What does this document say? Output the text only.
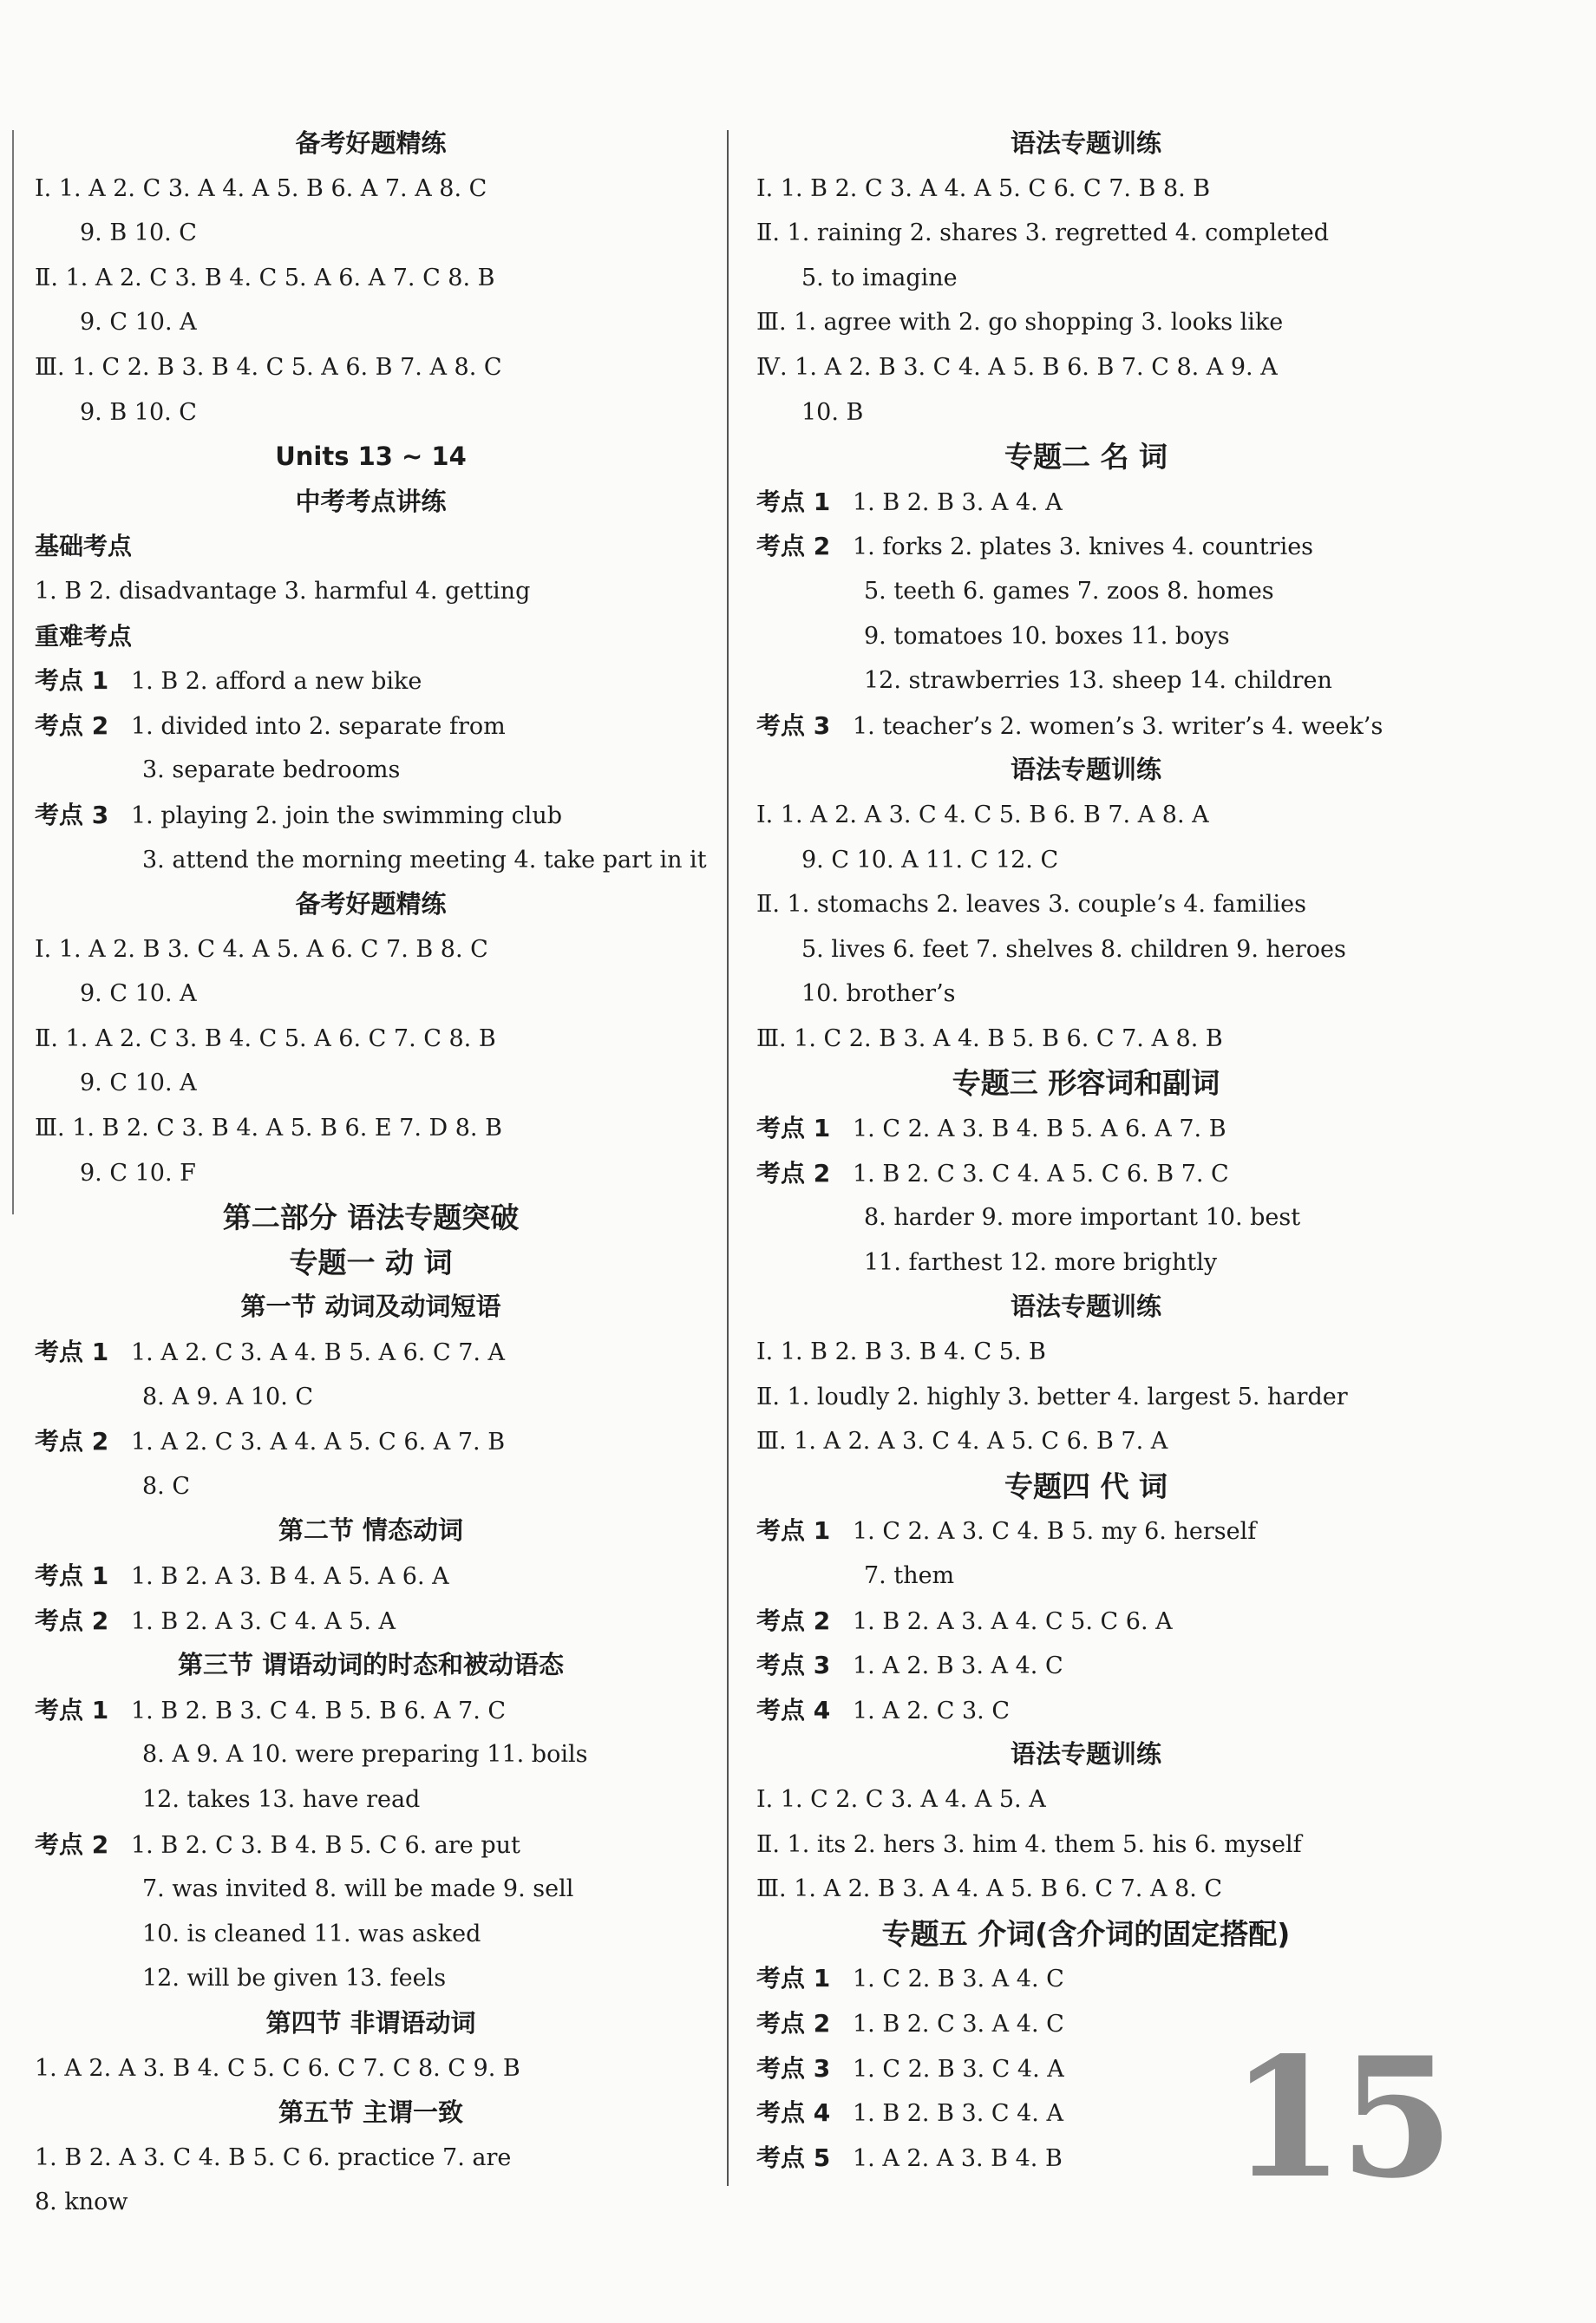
备考好题精练
Ⅰ. 1. A 2. C 3. A 4. A 5. B 6. A 7. A 8. C
9. B 10. C
Ⅱ. 1. A 2. C 3. B 4. C 5. A 6. A 7. C 8. B
9. C 10. A
Ⅲ. 1. C 2. B 3. B 4. C 5. A 6. B 7. A 8. C
9. B 10. C
Units 13 ~ 14
中考考点讲练
基础考点
1. B 2. disadvantage 3. harmful 4. getting
重难考点
考点 1 1. B 2. afford a new bike
考点 2 1. divided into 2. separate from
3. separate bedrooms
考点 3 1. playing 2. join the swimming club
3. attend the morning meeting 4. take part in it
备考好题精练
Ⅰ. 1. A 2. B 3. C 4. A 5. A 6. C 7. B 8. C
9. C 10. A
Ⅱ. 1. A 2. C 3. B 4. C 5. A 6. C 7. C 8. B
9. C 10. A
Ⅲ. 1. B 2. C 3. B 4. A 5. B 6. E 7. D 8. B
9. C 10. F
第二部分 语法专题突破
专题一 动 词
第一节 动词及动词短语
考点 1 1. A 2. C 3. A 4. B 5. A 6. C 7. A
8. A 9. A 10. C
考点 2 1. A 2. C 3. A 4. A 5. C 6. A 7. B
8. C
第二节 情态动词
考点 1 1. B 2. A 3. B 4. A 5. A 6. A
考点 2 1. B 2. A 3. C 4. A 5. A
第三节 谓语动词的时态和被动语态
考点 1 1. B 2. B 3. C 4. B 5. B 6. A 7. C
8. A 9. A 10. were preparing 11. boils
12. takes 13. have read
考点 2 1. B 2. C 3. B 4. B 5. C 6. are put
7. was invited 8. will be made 9. sell
10. is cleaned 11. was asked
12. will be given 13. feels
第四节 非谓语动词
1. A 2. A 3. B 4. C 5. C 6. C 7. C 8. C 9. B
第五节 主谓一致
1. B 2. A 3. C 4. B 5. C 6. practice 7. are
8. know
语法专题训练
Ⅰ. 1. B 2. C 3. A 4. A 5. C 6. C 7. B 8. B
Ⅱ. 1. raining 2. shares 3. regretted 4. completed
5. to imagine
Ⅲ. 1. agree with 2. go shopping 3. looks like
Ⅳ. 1. A 2. B 3. C 4. A 5. B 6. B 7. C 8. A 9. A
10. B
专题二 名 词
考点 1 1. B 2. B 3. A 4. A
考点 2 1. forks 2. plates 3. knives 4. countries
5. teeth 6. games 7. zoos 8. homes
9. tomatoes 10. boxes 11. boys
12. strawberries 13. sheep 14. children
考点 3 1. teacher’s 2. women’s 3. writer’s 4. week’s
语法专题训练
Ⅰ. 1. A 2. A 3. C 4. C 5. B 6. B 7. A 8. A
9. C 10. A 11. C 12. C
Ⅱ. 1. stomachs 2. leaves 3. couple’s 4. families
5. lives 6. feet 7. shelves 8. children 9. heroes
10. brother’s
Ⅲ. 1. C 2. B 3. A 4. B 5. B 6. C 7. A 8. B
专题三 形容词和副词
考点 1 1. C 2. A 3. B 4. B 5. A 6. A 7. B
考点 2 1. B 2. C 3. C 4. A 5. C 6. B 7. C
8. harder 9. more important 10. best
11. farthest 12. more brightly
语法专题训练
Ⅰ. 1. B 2. B 3. B 4. C 5. B
Ⅱ. 1. loudly 2. highly 3. better 4. largest 5. harder
Ⅲ. 1. A 2. A 3. C 4. A 5. C 6. B 7. A
专题四 代 词
考点 1 1. C 2. A 3. C 4. B 5. my 6. herself
7. them
考点 2 1. B 2. A 3. A 4. C 5. C 6. A
考点 3 1. A 2. B 3. A 4. C
考点 4 1. A 2. C 3. C
语法专题训练
Ⅰ. 1. C 2. C 3. A 4. A 5. A
Ⅱ. 1. its 2. hers 3. him 4. them 5. his 6. myself
Ⅲ. 1. A 2. B 3. A 4. A 5. B 6. C 7. A 8. C
专题五 介词(含介词的固定搭配)
考点 1 1. C 2. B 3. A 4. C
考点 2 1. B 2. C 3. A 4. C
考点 3 1. C 2. B 3. C 4. A
考点 4 1. B 2. B 3. C 4. A
考点 5 1. A 2. A 3. B 4. B	15
